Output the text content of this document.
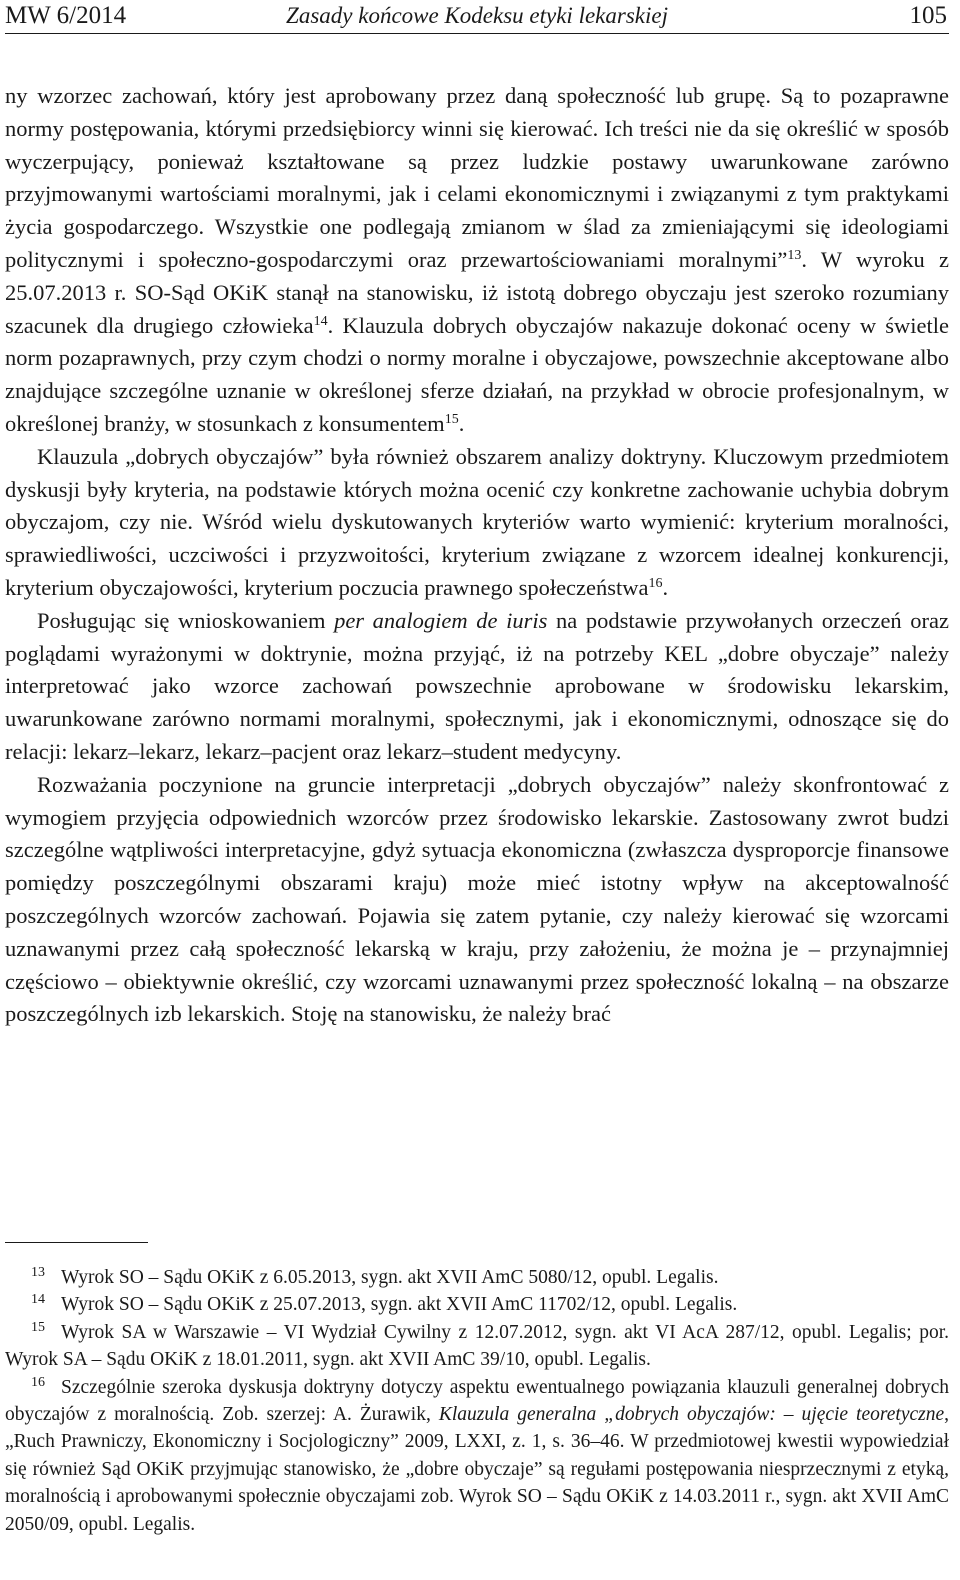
MW 6/2014	Zasady końcowe Kodeksu etyki lekarskiej	105

ny wzorzec zachowań, który jest aprobowany przez daną społeczność lub grupę. Są to pozaprawne normy postępowania, którymi przedsiębiorcy winni się kierować. Ich treści nie da się określić w sposób wyczerpujący, ponieważ kształtowane są przez ludzkie postawy uwarunkowane zarówno przyjmowanymi wartościami moralnymi, jak i celami ekonomicznymi i związanymi z tym praktykami życia gospodarczego. Wszystkie one podlegają zmianom w ślad za zmieniającymi się ideologiami politycznymi i społeczno-gospodarczymi oraz przewartościowaniami moralnymi”$^{13}$. W wyroku z 25.07.2013 r. SO-Sąd OKiK stanął na stanowisku, iż istotą dobrego obyczaju jest szeroko rozumiany szacunek dla drugiego człowieka$^{14}$. Klauzula dobrych obyczajów nakazuje dokonać oceny w świetle norm pozaprawnych, przy czym chodzi o normy moralne i obyczajowe, powszechnie akceptowane albo znajdujące szczególne uznanie w określonej sferze działań, na przykład w obrocie profesjonalnym, w określonej branży, w stosunkach z konsumentem$^{15}$.

Klauzula „dobrych obyczajów” była również obszarem analizy doktryny. Kluczowym przedmiotem dyskusji były kryteria, na podstawie których można ocenić czy konkretne zachowanie uchybia dobrym obyczajom, czy nie. Wśród wielu dyskutowanych kryteriów warto wymienić: kryterium moralności, sprawiedliwości, uczciwości i przyzwoitości, kryterium związane z wzorcem idealnej konkurencji, kryterium obyczajowości, kryterium poczucia prawnego społeczeństwa$^{16}$.

Posługując się wnioskowaniem per analogiem de iuris na podstawie przywołanych orzeczeń oraz poglądami wyrażonymi w doktrynie, można przyjąć, iż na potrzeby KEL „dobre obyczaje” należy interpretować jako wzorce zachowań powszechnie aprobowane w środowisku lekarskim, uwarunkowane zarówno normami moralnymi, społecznymi, jak i ekonomicznymi, odnoszące się do relacji: lekarz–lekarz, lekarz–pacjent oraz lekarz–student medycyny.

Rozważania poczynione na gruncie interpretacji „dobrych obyczajów” należy skonfrontować z wymogiem przyjęcia odpowiednich wzorców przez środowisko lekarskie. Zastosowany zwrot budzi szczególne wątpliwości interpretacyjne, gdyż sytuacja ekonomiczna (zwłaszcza dysproporcje finansowe pomiędzy poszczególnymi obszarami kraju) może mieć istotny wpływ na akceptowalność poszczególnych wzorców zachowań. Pojawia się zatem pytanie, czy należy kierować się wzorcami uznawanymi przez całą społeczność lekarską w kraju, przy założeniu, że można je – przynajmniej częściowo – obiektywnie określić, czy wzorcami uznawanymi przez społeczność lokalną – na obszarze poszczególnych izb lekarskich. Stoję na stanowisku, że należy brać

13 Wyrok SO – Sądu OKiK z 6.05.2013, sygn. akt XVII AmC 5080/12, opubl. Legalis.

14 Wyrok SO – Sądu OKiK z 25.07.2013, sygn. akt XVII AmC 11702/12, opubl. Legalis.

15 Wyrok SA w Warszawie – VI Wydział Cywilny z 12.07.2012, sygn. akt VI AcA 287/12, opubl. Legalis; por. Wyrok SA – Sądu OKiK z 18.01.2011, sygn. akt XVII AmC 39/10, opubl. Legalis.

16 Szczególnie szeroka dyskusja doktryny dotyczy aspektu ewentualnego powiązania klauzuli generalnej dobrych obyczajów z moralnością. Zob. szerzej: A. Żurawik, Klauzula generalna „dobrych obyczajów: – ujęcie teoretyczne, „Ruch Prawniczy, Ekonomiczny i Socjologiczny” 2009, LXXI, z. 1, s. 36–46. W przedmiotowej kwestii wypowiedział się również Sąd OKiK przyjmując stanowisko, że „dobre obyczaje” są regułami postępowania niesprzecznymi z etyką, moralnością i aprobowanymi społecznie obyczajami zob. Wyrok SO – Sądu OKiK z 14.03.2011 r., sygn. akt XVII AmC 2050/09, opubl. Legalis.
